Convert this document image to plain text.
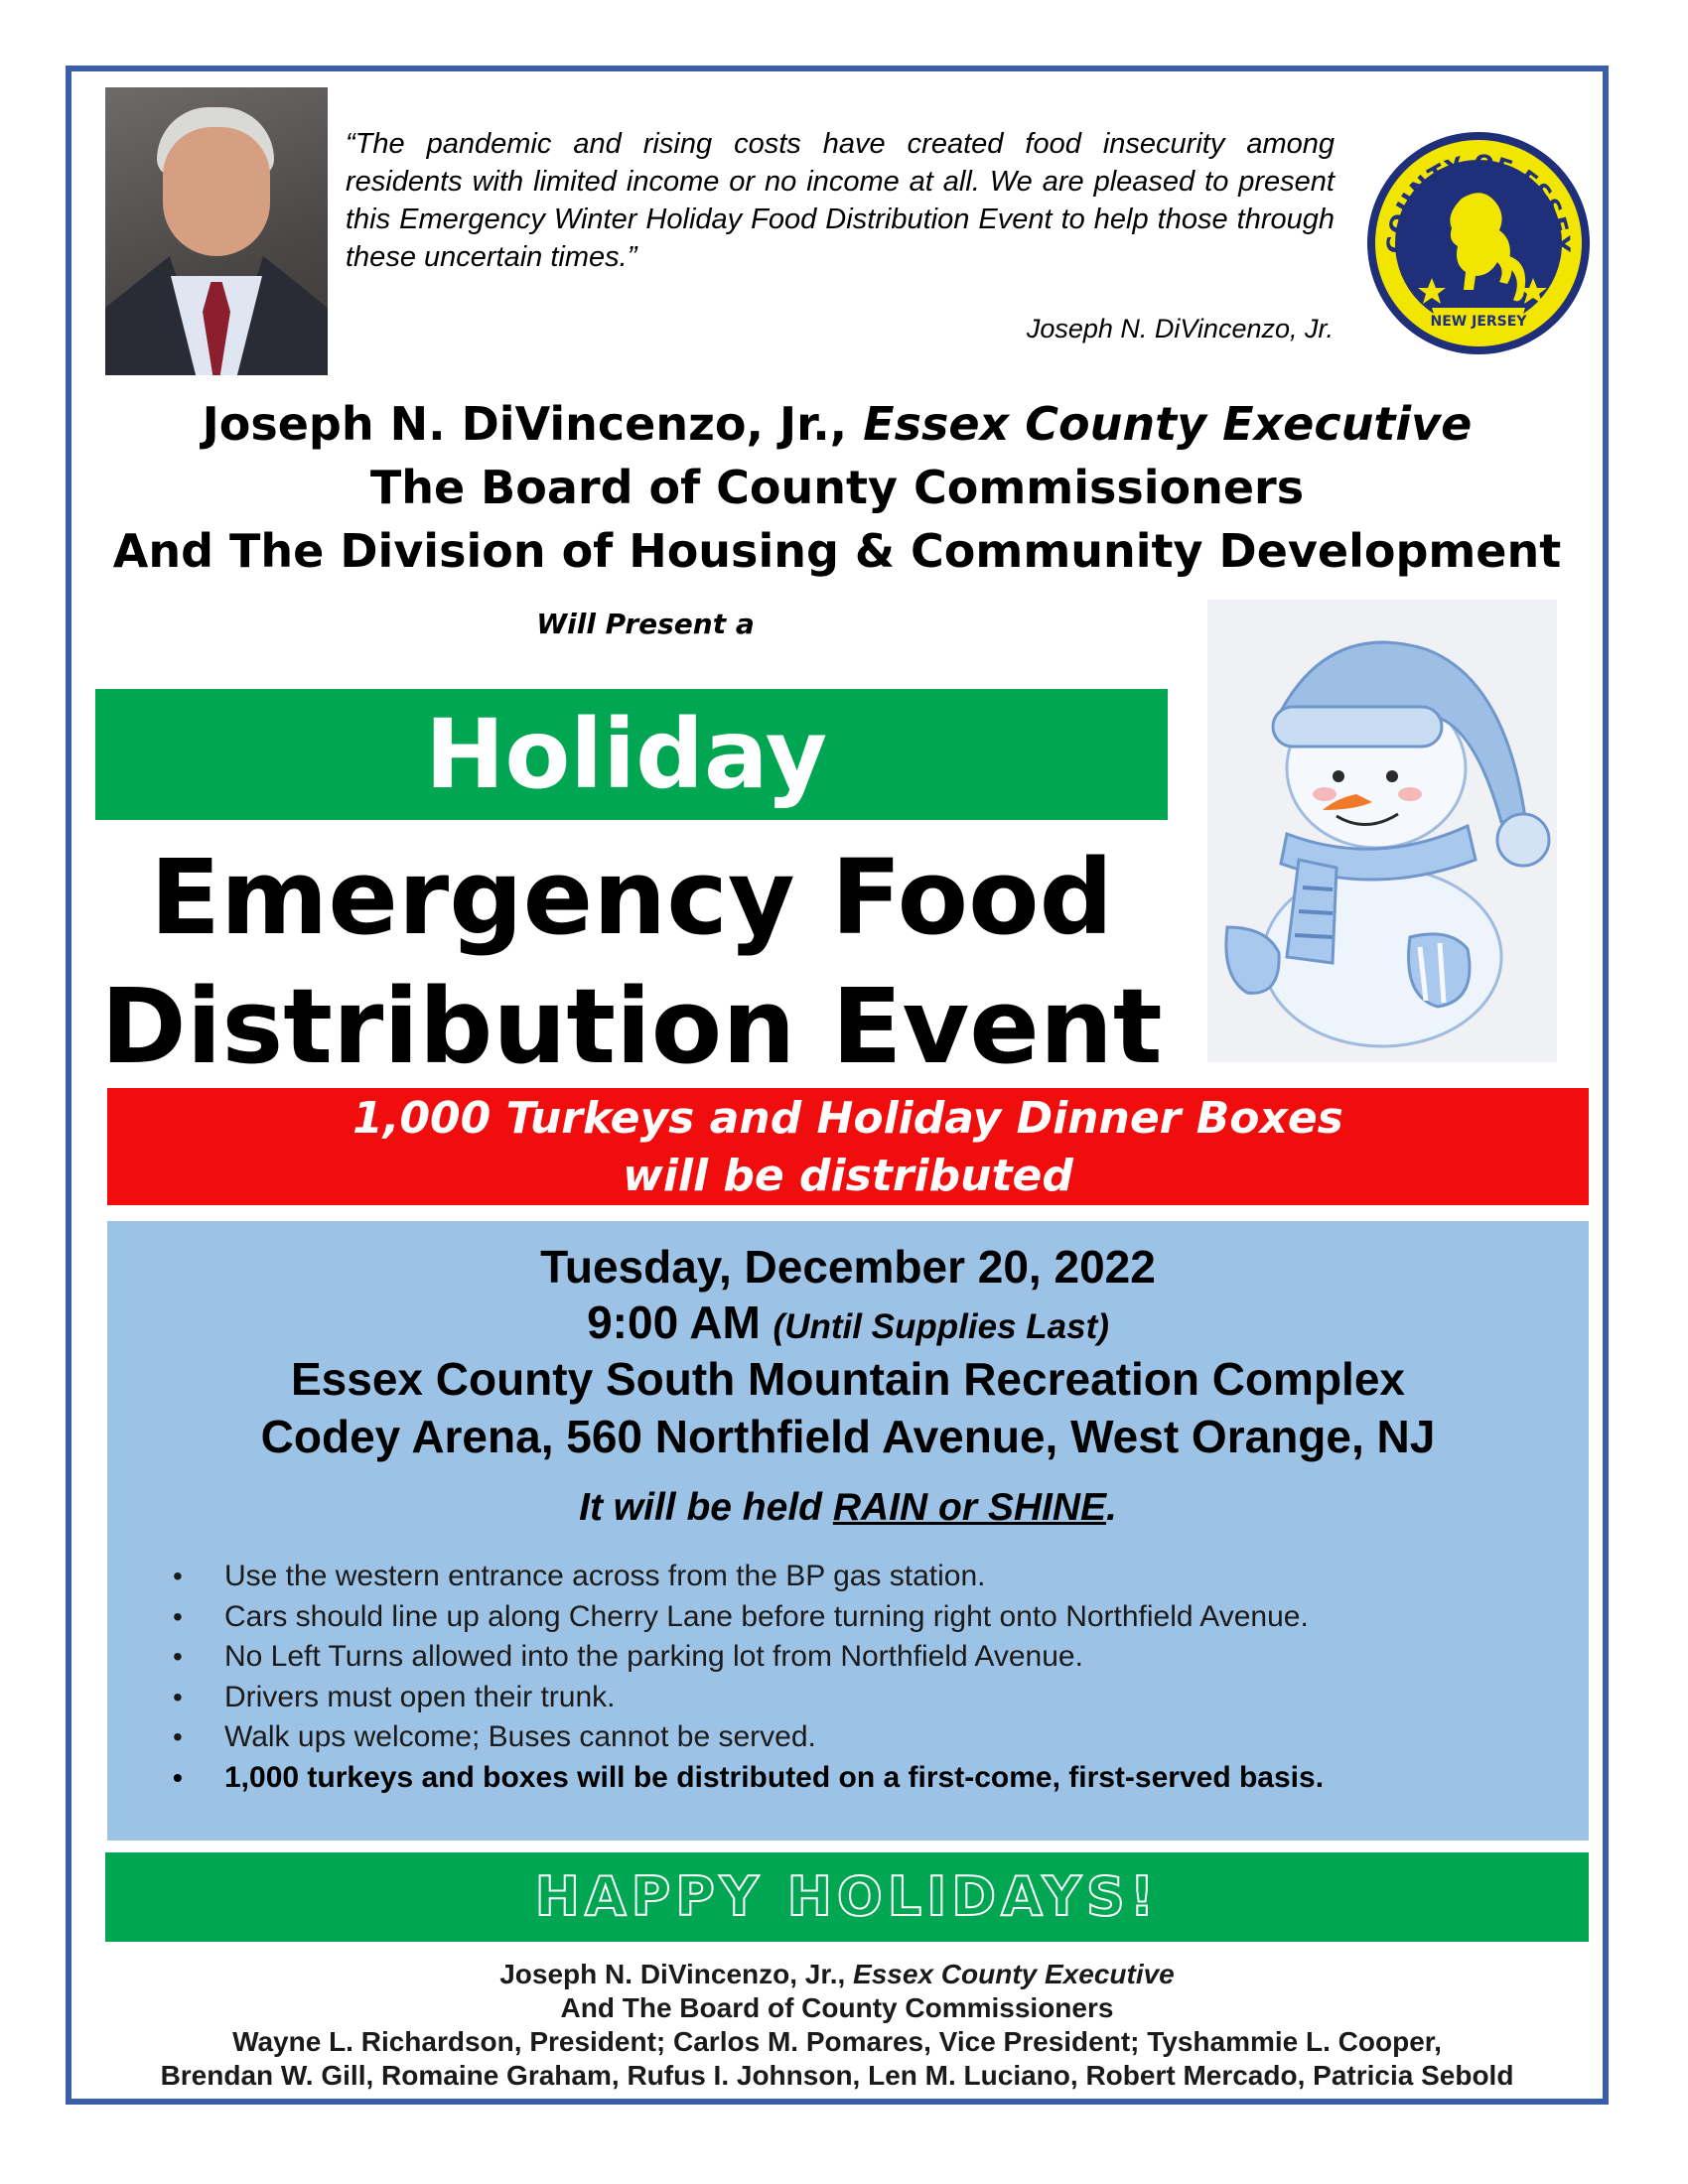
“The pandemic and rising costs have created food insecurity among residents with limited income or no income at all. We are pleased to present this Emergency Winter Holiday Food Distribution Event to help those through these uncertain times.”
Joseph N. DiVincenzo, Jr.
COUNTY OF ESSEX
NEW JERSEY
Joseph N. DiVincenzo, Jr., Essex County Executive
The Board of County Commissioners
And The Division of Housing & Community Development
Will Present a
Holiday
Emergency Food
Distribution Event
1,000 Turkeys and Holiday Dinner Boxes
will be distributed
Tuesday, December 20, 2022
9:00 AM (Until Supplies Last)
Essex County South Mountain Recreation Complex
Codey Arena, 560 Northfield Avenue, West Orange, NJ
It will be held RAIN or SHINE.
• Use the western entrance across from the BP gas station.
• Cars should line up along Cherry Lane before turning right onto Northfield Avenue.
• No Left Turns allowed into the parking lot from Northfield Avenue.
• Drivers must open their trunk.
• Walk ups welcome; Buses cannot be served.
• 1,000 turkeys and boxes will be distributed on a first-come, first-served basis.
HAPPY HOLIDAYS!
Joseph N. DiVincenzo, Jr., Essex County Executive
And The Board of County Commissioners
Wayne L. Richardson, President; Carlos M. Pomares, Vice President; Tyshammie L. Cooper,
Brendan W. Gill, Romaine Graham, Rufus I. Johnson, Len M. Luciano, Robert Mercado, Patricia Sebold
